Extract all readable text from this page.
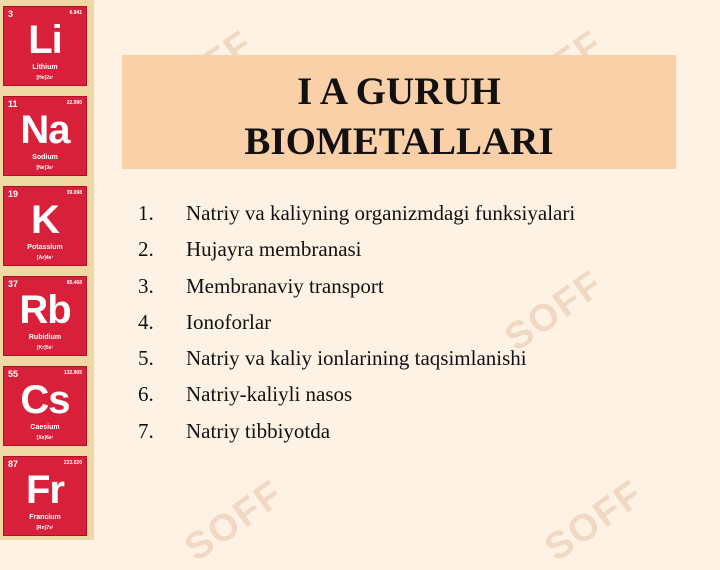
3	6.941
Li
Lithium
[He]2s¹
11	22.990
Na
Sodium
[Ne]3s¹
19	39.098
K
Potassium
[Ar]4s¹
37	85.468
Rb
Rubidium
[Kr]5s¹
55	132.905
Cs
Caesium
[Xe]6s¹
87	223.020
Fr
Francium
[Rn]7s¹
SOFF
SOFF	SOFF
I A GURUH
BIOMETALLARI
1. Natriy va kaliyning organizmdagi funksiyalari
2. Hujayra membranasi
3. Membranaviy transport
4. Ionoforlar
5. Natriy va kaliy ionlarining taqsimlanishi
6. Natriy-kaliyli nasos
7. Natriy tibbiyotda
